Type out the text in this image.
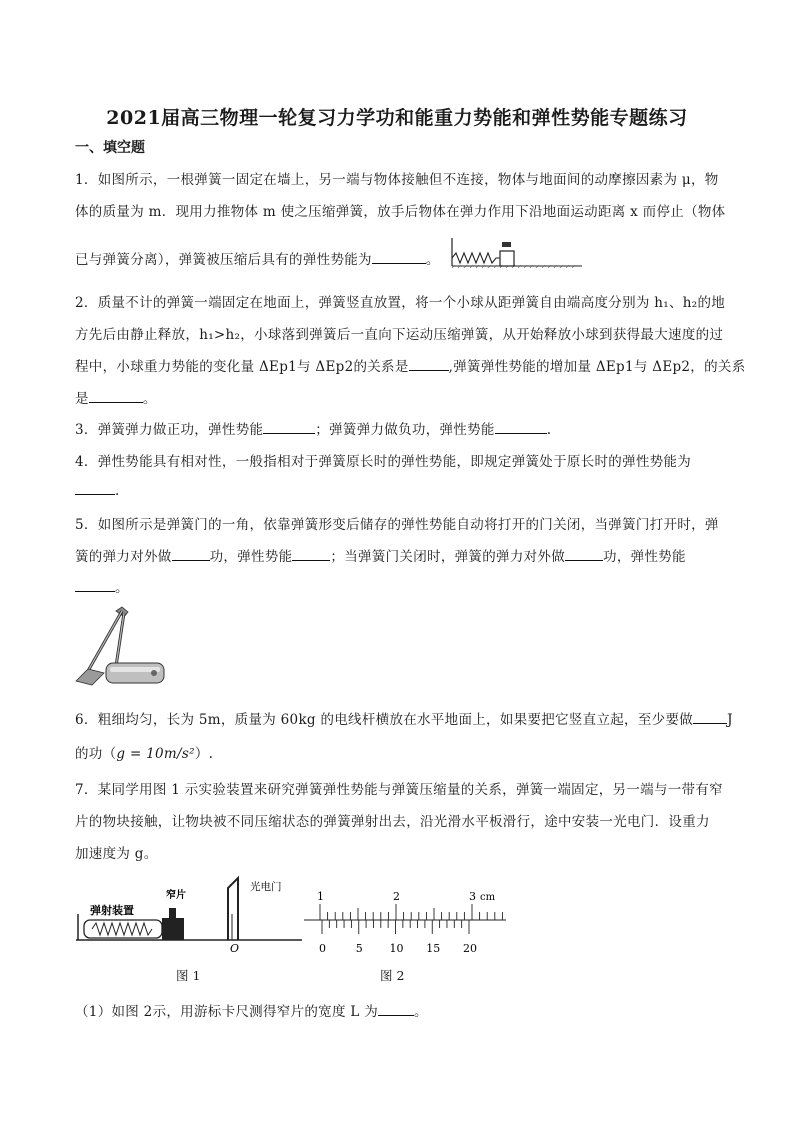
2021届高三物理一轮复习力学功和能重力势能和弹性势能专题练习
一、填空题
1．如图所示，一根弹簧一固定在墙上，另一端与物体接触但不连接，物体与地面间的动摩擦因素为 μ，物
体的质量为 m．现用力推物体 m 使之压缩弹簧，放手后物体在弹力作用下沿地面运动距离 x 而停止（物体
已与弹簧分离），弹簧被压缩后具有的弹性势能为	。
2．质量不计的弹簧一端固定在地面上，弹簧竖直放置，将一个小球从距弹簧自由端高度分别为 h₁、h₂的地
方先后由静止释放，h₁>h₂，小球落到弹簧后一直向下运动压缩弹簧，从开始释放小球到获得最大速度的过
程中，小球重力势能的变化量 ΔEp1与 ΔEp2的关系是	,弹簧弹性势能的增加量 ΔEp1与 ΔEp2，的关系
是	。
3．弹簧弹力做正功，弹性势能	；弹簧弹力做负功，弹性势能	.
4．弹性势能具有相对性，一般指相对于弹簧原长时的弹性势能，即规定弹簧处于原长时的弹性势能为
.
5．如图所示是弹簧门的一角，依靠弹簧形变后储存的弹性势能自动将打开的门关闭，当弹簧门打开时，弹
簧的弹力对外做	功，弹性势能	；当弹簧门关闭时，弹簧的弹力对外做	功，弹性势能
。
6．粗细均匀，长为 5m，质量为 60kg 的电线杆横放在水平地面上，如果要把它竖直立起，至少要做	J
的功（g = 10m/s²）.
7．某同学用图 1 示实验装置来研究弹簧弹性势能与弹簧压缩量的关系，弹簧一端固定，另一端与一带有窄
片的物块接触，让物块被不同压缩状态的弹簧弹射出去，沿光滑水平板滑行，途中安装一光电门．设重力
加速度为 g。
弹射装置
窄片
光电门
O
图 1
1	2	3 cm
0	5 10 15 20
图 2
（1）如图 2示，用游标卡尺测得窄片的宽度 L 为	。
